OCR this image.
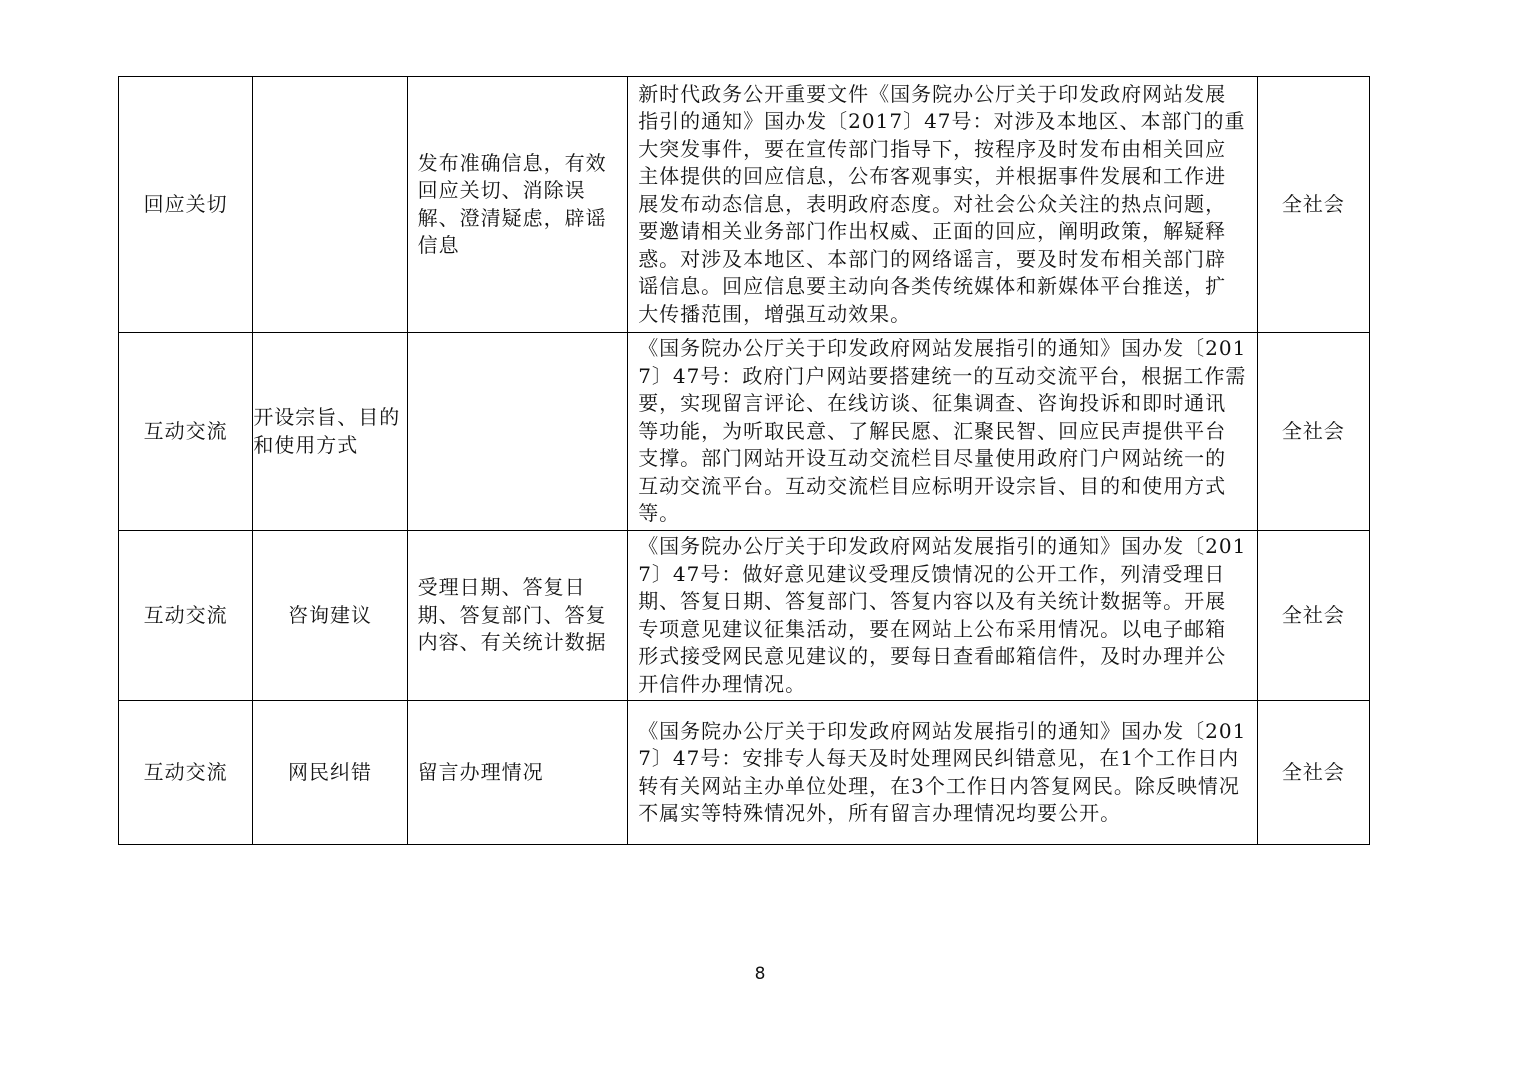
回应关切		发布准确信息，有效回应关切、消除误解、澄清疑虑，辟谣信息	新时代政务公开重要文件《国务院办公厅关于印发政府网站发展指引的通知》国办发〔2017〕47号：对涉及本地区、本部门的重大突发事件，要在宣传部门指导下，按程序及时发布由相关回应主体提供的回应信息，公布客观事实，并根据事件发展和工作进展发布动态信息，表明政府态度。对社会公众关注的热点问题，要邀请相关业务部门作出权威、正面的回应，阐明政策，解疑释惑。对涉及本地区、本部门的网络谣言，要及时发布相关部门辟谣信息。回应信息要主动向各类传统媒体和新媒体平台推送，扩大传播范围，增强互动效果。	全社会
互动交流	开设宗旨、目的和使用方式		《国务院办公厅关于印发政府网站发展指引的通知》国办发〔2017〕47号：政府门户网站要搭建统一的互动交流平台，根据工作需要，实现留言评论、在线访谈、征集调查、咨询投诉和即时通讯等功能，为听取民意、了解民愿、汇聚民智、回应民声提供平台支撑。部门网站开设互动交流栏目尽量使用政府门户网站统一的互动交流平台。互动交流栏目应标明开设宗旨、目的和使用方式等。	全社会
互动交流	咨询建议	受理日期、答复日期、答复部门、答复内容、有关统计数据	《国务院办公厅关于印发政府网站发展指引的通知》国办发〔2017〕47号：做好意见建议受理反馈情况的公开工作，列清受理日期、答复日期、答复部门、答复内容以及有关统计数据等。开展专项意见建议征集活动，要在网站上公布采用情况。以电子邮箱形式接受网民意见建议的，要每日查看邮箱信件，及时办理并公开信件办理情况。	全社会
互动交流	网民纠错	留言办理情况	《国务院办公厅关于印发政府网站发展指引的通知》国办发〔2017〕47号：安排专人每天及时处理网民纠错意见，在1个工作日内转有关网站主办单位处理，在3个工作日内答复网民。除反映情况不属实等特殊情况外，所有留言办理情况均要公开。	全社会
8
